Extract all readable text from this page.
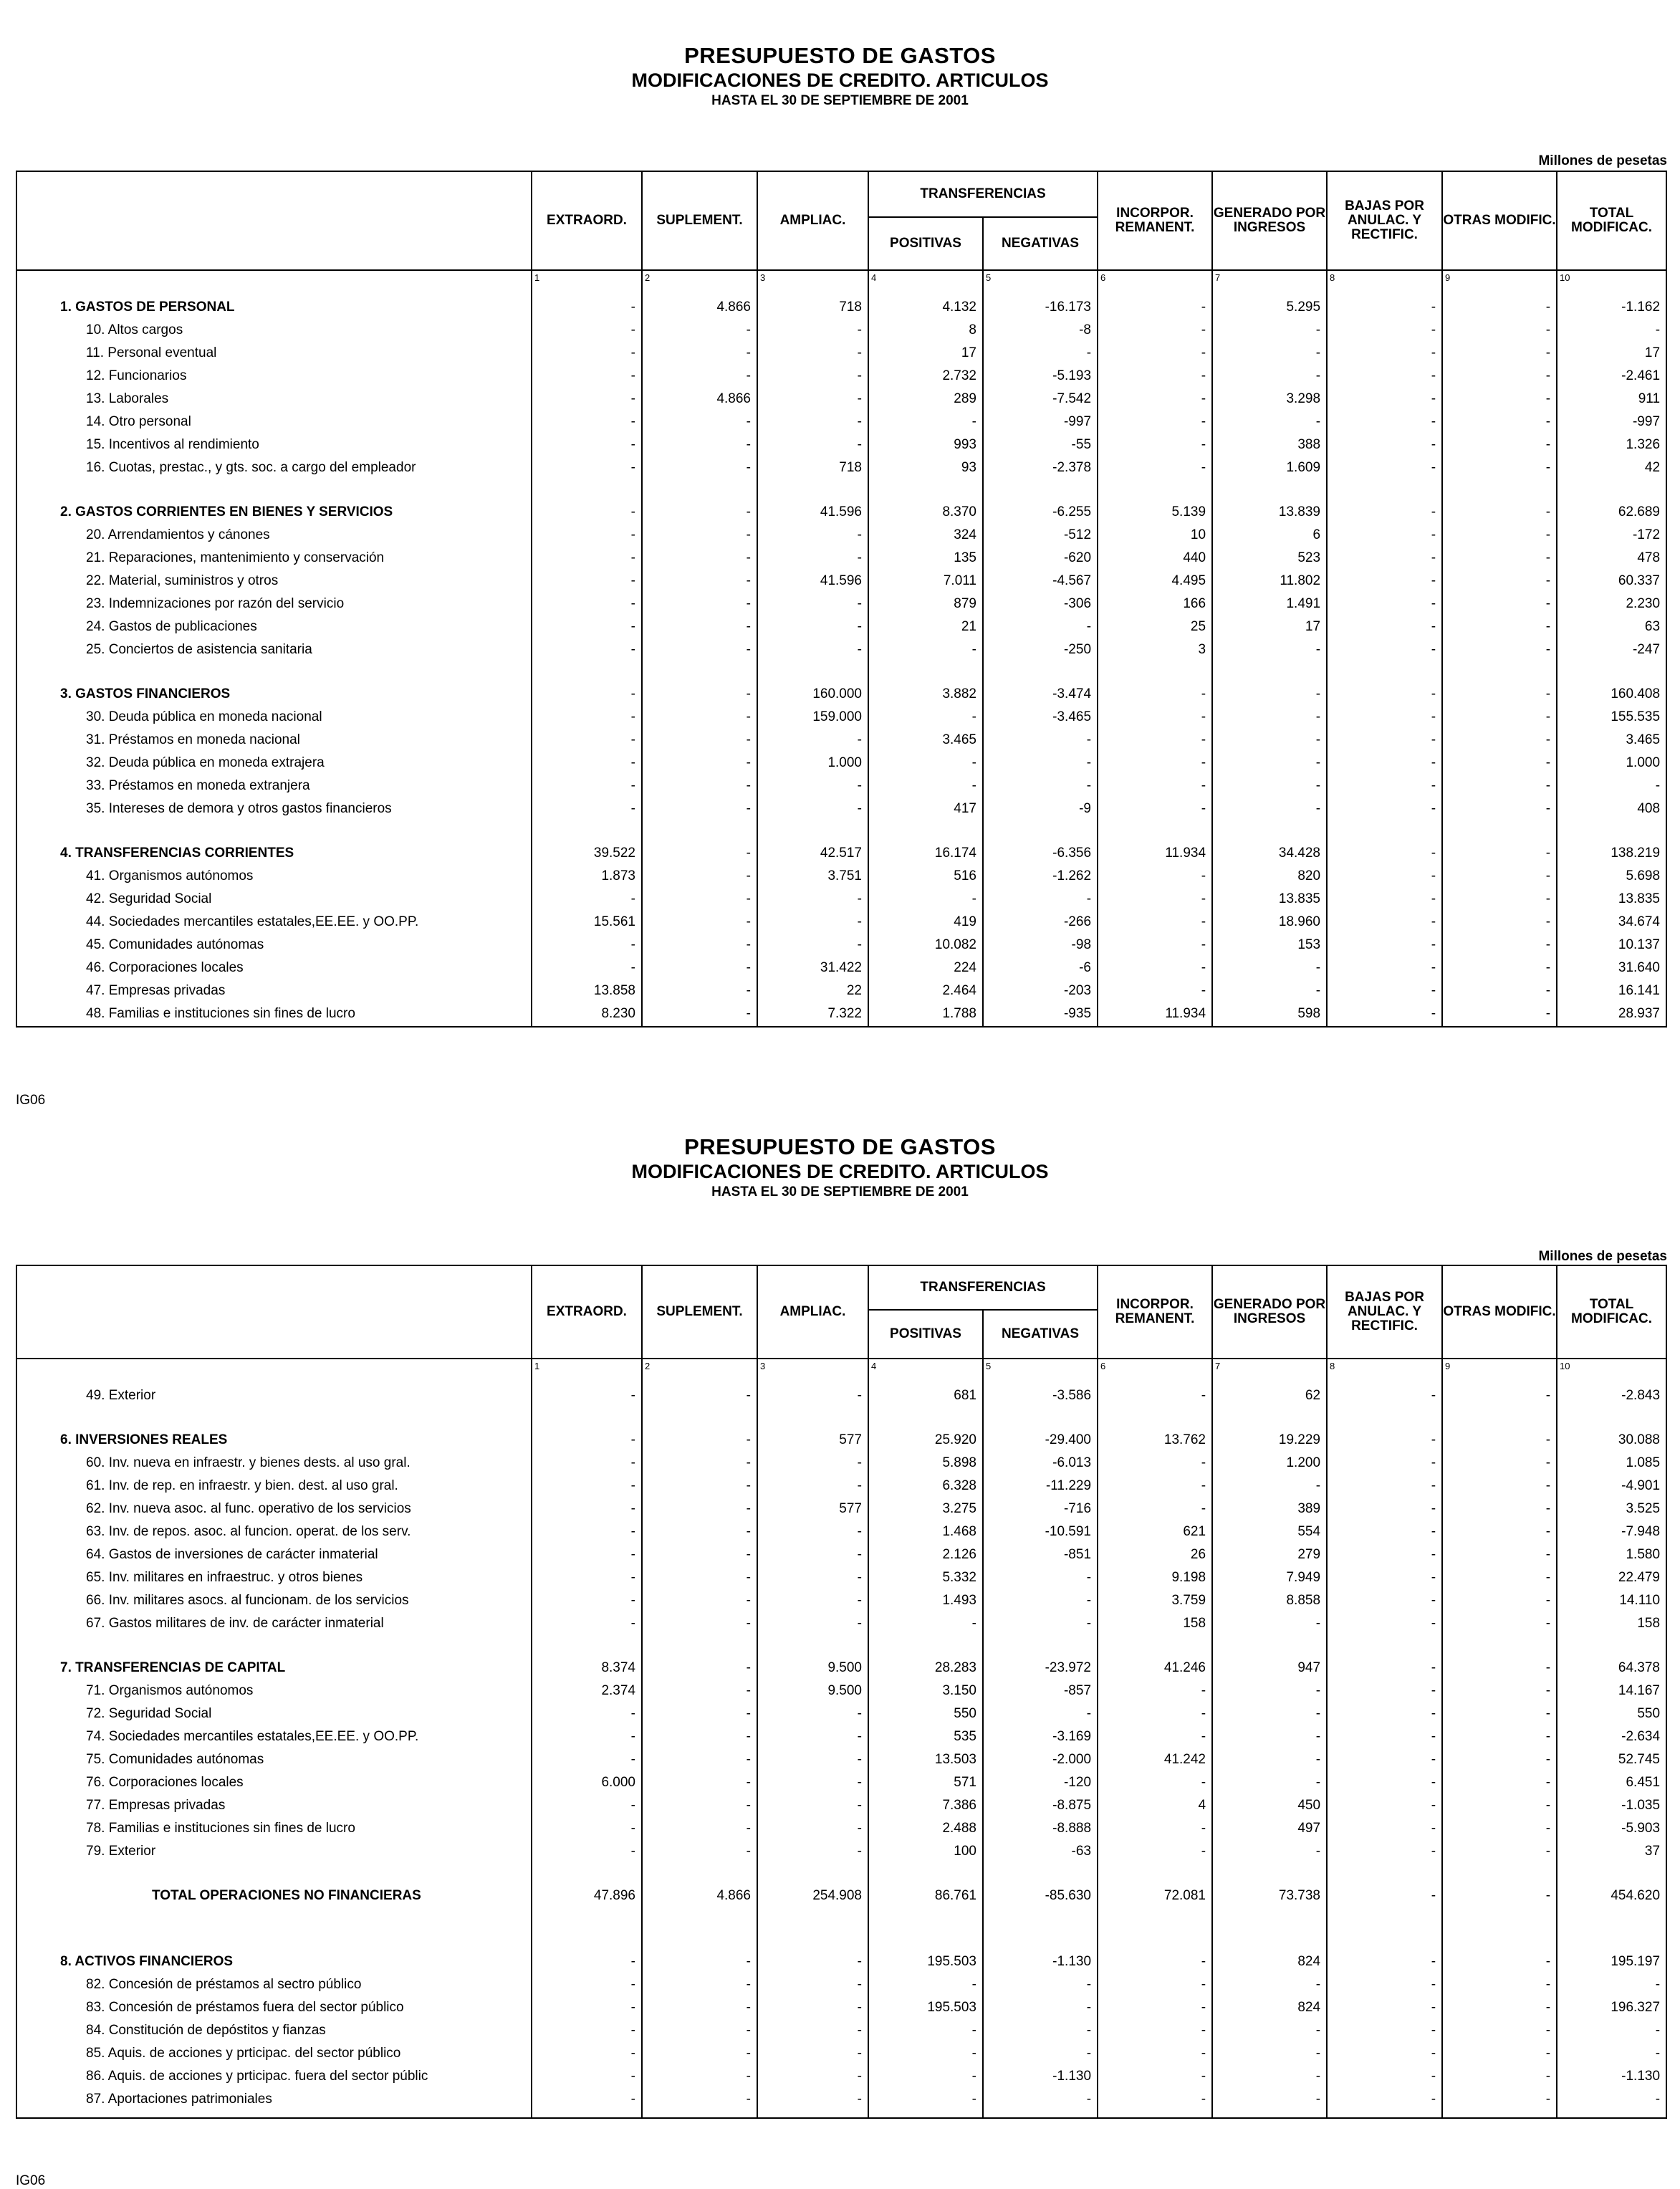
PRESUPUESTO DE GASTOS
MODIFICACIONES DE CREDITO. ARTICULOS
HASTA EL 30 DE SEPTIEMBRE DE 2001
Millones de pesetas
	EXTRAORD.	SUPLEMENT.	AMPLIAC.	TRANSFERENCIAS		INCORPOR. REMANENT.	GENERADO POR INGRESOS	BAJAS POR ANULAC. Y RECTIFIC.	OTRAS MODIFIC.	TOTAL MODIFICAC.
				POSITIVAS	NEGATIVAS					
	1	2	3	4	5	6	7	8	9	10
1. GASTOS DE PERSONAL	-	4.866	718	4.132	-16.173	-	5.295	-	-	-1.162
10. Altos cargos	-	-	-	8	-8	-	-	-	-	-
11. Personal eventual	-	-	-	17	-	-	-	-	-	17
12. Funcionarios	-	-	-	2.732	-5.193	-	-	-	-	-2.461
13. Laborales	-	4.866	-	289	-7.542	-	3.298	-	-	911
14. Otro personal	-	-	-	-	-997	-	-	-	-	-997
15. Incentivos al rendimiento	-	-	-	993	-55	-	388	-	-	1.326
16. Cuotas, prestac., y gts. soc. a cargo del empleador	-	-	718	93	-2.378	-	1.609	-	-	42

2. GASTOS CORRIENTES EN BIENES Y SERVICIOS	-	-	41.596	8.370	-6.255	5.139	13.839	-	-	62.689
20. Arrendamientos y cánones	-	-	-	324	-512	10	6	-	-	-172
21. Reparaciones, mantenimiento y conservación	-	-	-	135	-620	440	523	-	-	478
22. Material, suministros y otros	-	-	41.596	7.011	-4.567	4.495	11.802	-	-	60.337
23. Indemnizaciones por razón del servicio	-	-	-	879	-306	166	1.491	-	-	2.230
24. Gastos de publicaciones	-	-	-	21	-	25	17	-	-	63
25. Conciertos de asistencia sanitaria	-	-	-	-	-250	3	-	-	-	-247

3. GASTOS FINANCIEROS	-	-	160.000	3.882	-3.474	-	-	-	-	160.408
30. Deuda pública en moneda nacional	-	-	159.000	-	-3.465	-	-	-	-	155.535
31. Préstamos en moneda nacional	-	-	-	3.465	-	-	-	-	-	3.465
32. Deuda pública en moneda extrajera	-	-	1.000	-	-	-	-	-	-	1.000
33. Préstamos en moneda extranjera	-	-	-	-	-	-	-	-	-	-
35. Intereses de demora y otros gastos financieros	-	-	-	417	-9	-	-	-	-	408

4. TRANSFERENCIAS CORRIENTES	39.522	-	42.517	16.174	-6.356	11.934	34.428	-	-	138.219
41. Organismos autónomos	1.873	-	3.751	516	-1.262	-	820	-	-	5.698
42. Seguridad Social	-	-	-	-	-	-	13.835	-	-	13.835
44. Sociedades mercantiles estatales,EE.EE. y OO.PP.	15.561	-	-	419	-266	-	18.960	-	-	34.674
45. Comunidades autónomas	-	-	-	10.082	-98	-	153	-	-	10.137
46. Corporaciones locales	-	-	31.422	224	-6	-	-	-	-	31.640
47. Empresas privadas	13.858	-	22	2.464	-203	-	-	-	-	16.141
48. Familias e instituciones sin fines de lucro	8.230	-	7.322	1.788	-935	11.934	598	-	-	28.937

IG06
PRESUPUESTO DE GASTOS
MODIFICACIONES DE CREDITO. ARTICULOS
HASTA EL 30 DE SEPTIEMBRE DE 2001
Millones de pesetas
	EXTRAORD.	SUPLEMENT.	AMPLIAC.	TRANSFERENCIAS		INCORPOR. REMANENT.	GENERADO POR INGRESOS	BAJAS POR ANULAC. Y RECTIFIC.	OTRAS MODIFIC.	TOTAL MODIFICAC.
				POSITIVAS	NEGATIVAS					
	1	2	3	4	5	6	7	8	9	10
49. Exterior	-	-	-	681	-3.586	-	62	-	-	-2.843

6. INVERSIONES REALES	-	-	577	25.920	-29.400	13.762	19.229	-	-	30.088
60. Inv. nueva en infraestr. y bienes dests. al uso gral.	-	-	-	5.898	-6.013	-	1.200	-	-	1.085
61. Inv. de rep. en infraestr. y bien. dest. al uso gral.	-	-	-	6.328	-11.229	-	-	-	-	-4.901
62. Inv. nueva asoc. al func. operativo de los servicios	-	-	577	3.275	-716	-	389	-	-	3.525
63. Inv. de repos. asoc. al funcion. operat. de los serv.	-	-	-	1.468	-10.591	621	554	-	-	-7.948
64. Gastos de inversiones de carácter inmaterial	-	-	-	2.126	-851	26	279	-	-	1.580
65. Inv. militares en infraestruc. y otros bienes	-	-	-	5.332	-	9.198	7.949	-	-	22.479
66. Inv. militares asocs. al funcionam. de los servicios	-	-	-	1.493	-	3.759	8.858	-	-	14.110
67. Gastos militares de inv. de carácter inmaterial	-	-	-	-	-	158	-	-	-	158

7. TRANSFERENCIAS DE CAPITAL	8.374	-	9.500	28.283	-23.972	41.246	947	-	-	64.378
71. Organismos autónomos	2.374	-	9.500	3.150	-857	-	-	-	-	14.167
72. Seguridad Social	-	-	-	550	-	-	-	-	-	550
74. Sociedades mercantiles estatales,EE.EE. y OO.PP.	-	-	-	535	-3.169	-	-	-	-	-2.634
75. Comunidades autónomas	-	-	-	13.503	-2.000	41.242	-	-	-	52.745
76. Corporaciones locales	6.000	-	-	571	-120	-	-	-	-	6.451
77. Empresas privadas	-	-	-	7.386	-8.875	4	450	-	-	-1.035
78. Familias e instituciones sin fines de lucro	-	-	-	2.488	-8.888	-	497	-	-	-5.903
79. Exterior	-	-	-	100	-63	-	-	-	-	37

TOTAL OPERACIONES NO FINANCIERAS	47.896	4.866	254.908	86.761	-85.630	72.081	73.738	-	-	454.620

8. ACTIVOS FINANCIEROS	-	-	-	195.503	-1.130	-	824	-	-	195.197
82. Concesión de préstamos al sectro público	-	-	-	-	-	-	-	-	-	-
83. Concesión de préstamos fuera del sector público	-	-	-	195.503	-	-	824	-	-	196.327
84. Constitución de depóstitos y fianzas	-	-	-	-	-	-	-	-	-	-
85. Aquis. de acciones y prticipac. del sector público	-	-	-	-	-	-	-	-	-	-
86. Aquis. de acciones y prticipac. fuera del sector públic	-	-	-	-	-1.130	-	-	-	-	-1.130
87. Aportaciones patrimoniales	-	-	-	-	-	-	-	-	-	-

IG06
